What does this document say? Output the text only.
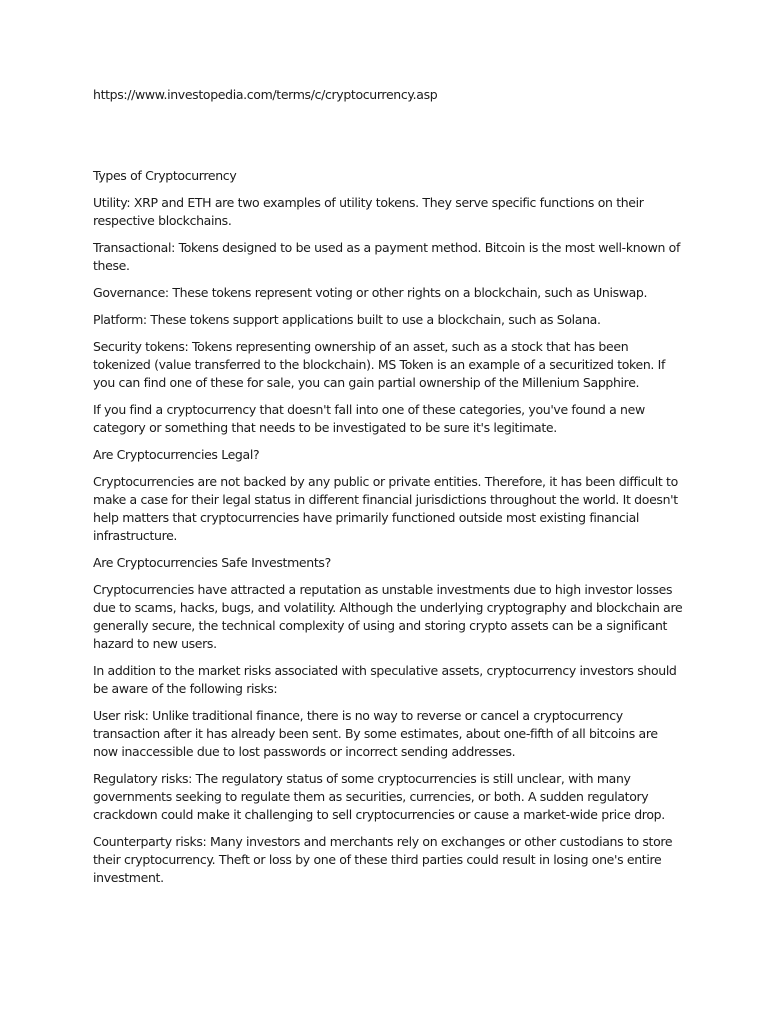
https://www.investopedia.com/terms/c/cryptocurrency.asp

Types of Cryptocurrency

Utility: XRP and ETH are two examples of utility tokens. They serve specific functions on their respective blockchains.

Transactional: Tokens designed to be used as a payment method. Bitcoin is the most well-known of these.

Governance: These tokens represent voting or other rights on a blockchain, such as Uniswap.

Platform: These tokens support applications built to use a blockchain, such as Solana.

Security tokens: Tokens representing ownership of an asset, such as a stock that has been tokenized (value transferred to the blockchain). MS Token is an example of a securitized token. If you can find one of these for sale, you can gain partial ownership of the Millenium Sapphire.

If you find a cryptocurrency that doesn't fall into one of these categories, you've found a new category or something that needs to be investigated to be sure it's legitimate.

Are Cryptocurrencies Legal?

Cryptocurrencies are not backed by any public or private entities. Therefore, it has been difficult to make a case for their legal status in different financial jurisdictions throughout the world. It doesn't help matters that cryptocurrencies have primarily functioned outside most existing financial infrastructure.

Are Cryptocurrencies Safe Investments?

Cryptocurrencies have attracted a reputation as unstable investments due to high investor losses due to scams, hacks, bugs, and volatility. Although the underlying cryptography and blockchain are generally secure, the technical complexity of using and storing crypto assets can be a significant hazard to new users.

In addition to the market risks associated with speculative assets, cryptocurrency investors should be aware of the following risks:

User risk: Unlike traditional finance, there is no way to reverse or cancel a cryptocurrency transaction after it has already been sent. By some estimates, about one-fifth of all bitcoins are now inaccessible due to lost passwords or incorrect sending addresses.

Regulatory risks: The regulatory status of some cryptocurrencies is still unclear, with many governments seeking to regulate them as securities, currencies, or both. A sudden regulatory crackdown could make it challenging to sell cryptocurrencies or cause a market-wide price drop.

Counterparty risks: Many investors and merchants rely on exchanges or other custodians to store their cryptocurrency. Theft or loss by one of these third parties could result in losing one's entire investment.
